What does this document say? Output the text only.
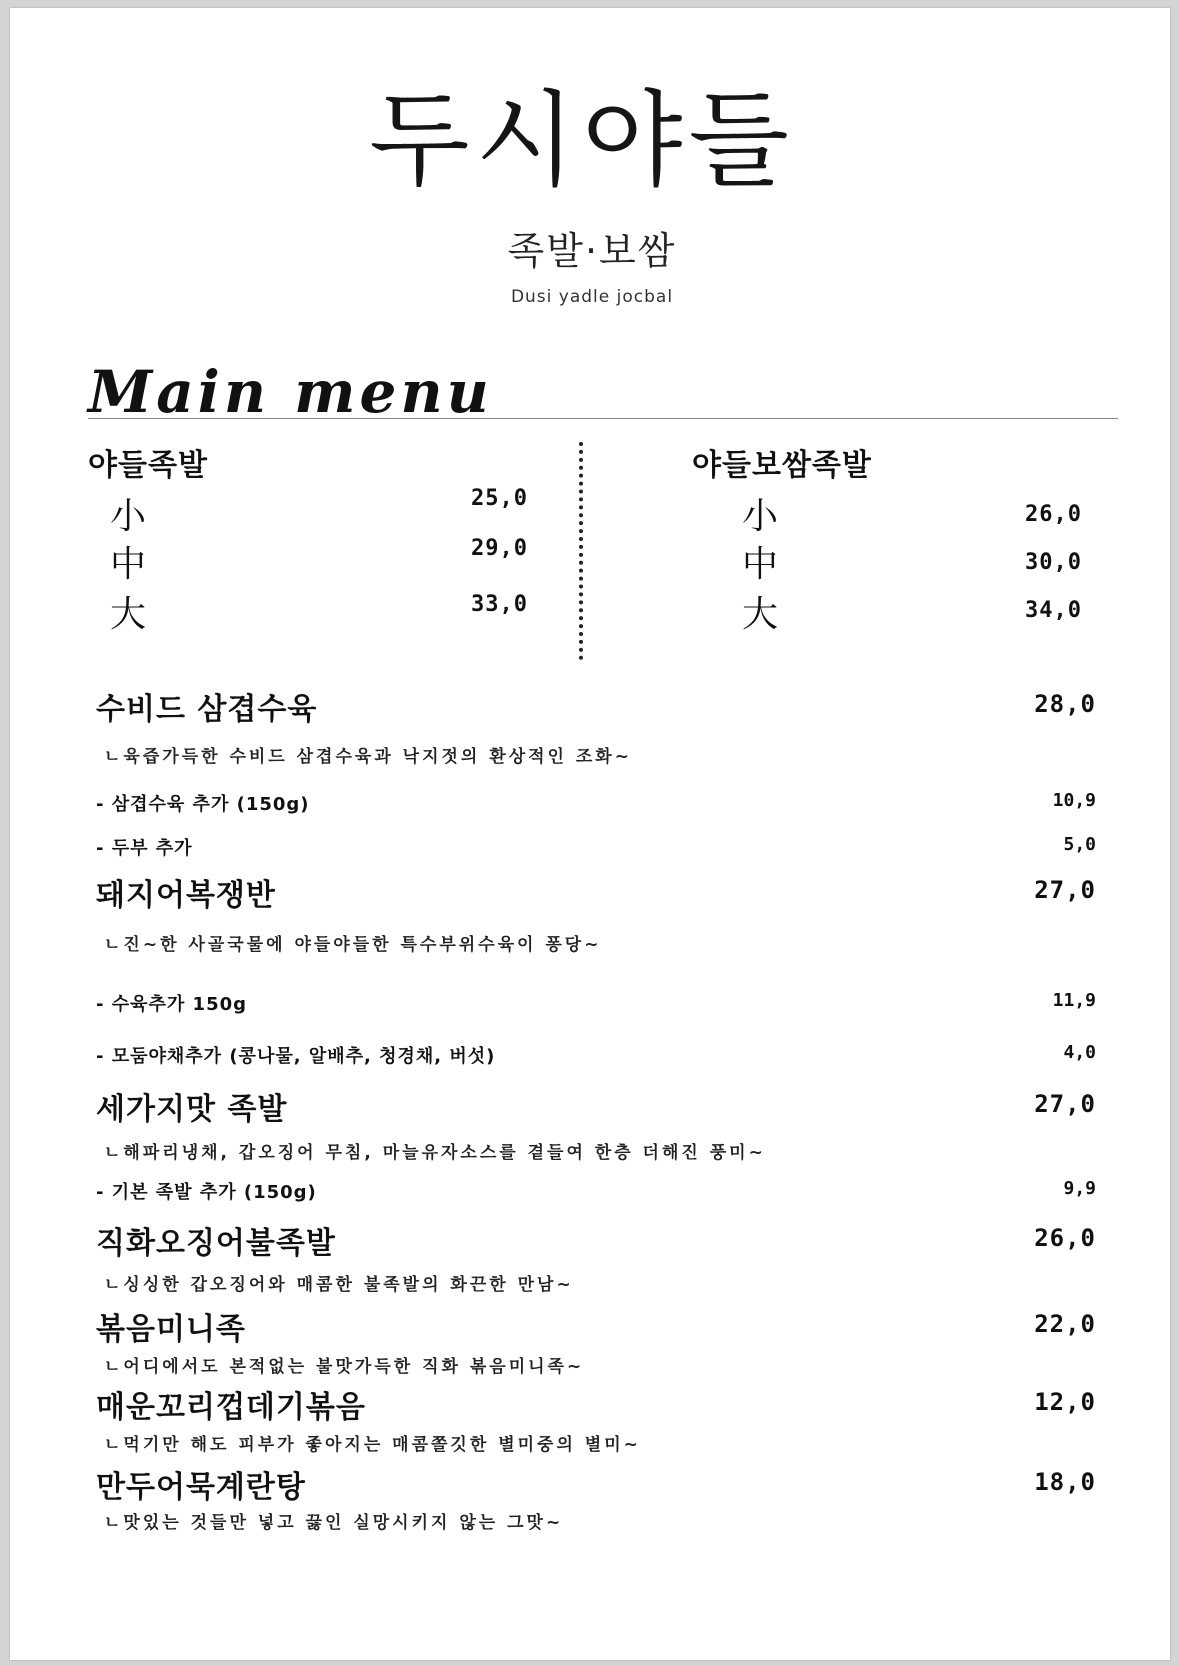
두시야들
족발·보쌈
Dusi yadle jocbal
Main menu
야들족발
小	25,0
中	29,0
大	33,0
야들보쌈족발
小	26,0
中	30,0
大	34,0
수비드 삼겹수육	28,0
ㄴ육즙가득한 수비드 삼겹수육과 낙지젓의 환상적인 조화~
- 삼겹수육 추가 (150g)	10,9
- 두부 추가	5,0
돼지어복쟁반	27,0
ㄴ진~한 사골국물에 야들야들한 특수부위수육이 퐁당~
- 수육추가 150g	11,9
- 모둠야채추가 (콩나물, 알배추, 청경채, 버섯)	4,0
세가지맛 족발	27,0
ㄴ해파리냉채, 갑오징어 무침, 마늘유자소스를 곁들여 한층 더해진 풍미~
- 기본 족발 추가 (150g)	9,9
직화오징어불족발	26,0
ㄴ싱싱한 갑오징어와 매콤한 불족발의 화끈한 만남~
볶음미니족	22,0
ㄴ어디에서도 본적없는 불맛가득한 직화 볶음미니족~
매운꼬리껍데기볶음	12,0
ㄴ먹기만 해도 피부가 좋아지는 매콤쫄깃한 별미중의 별미~
만두어묵계란탕	18,0
ㄴ맛있는 것들만 넣고 끓인 실망시키지 않는 그맛~
